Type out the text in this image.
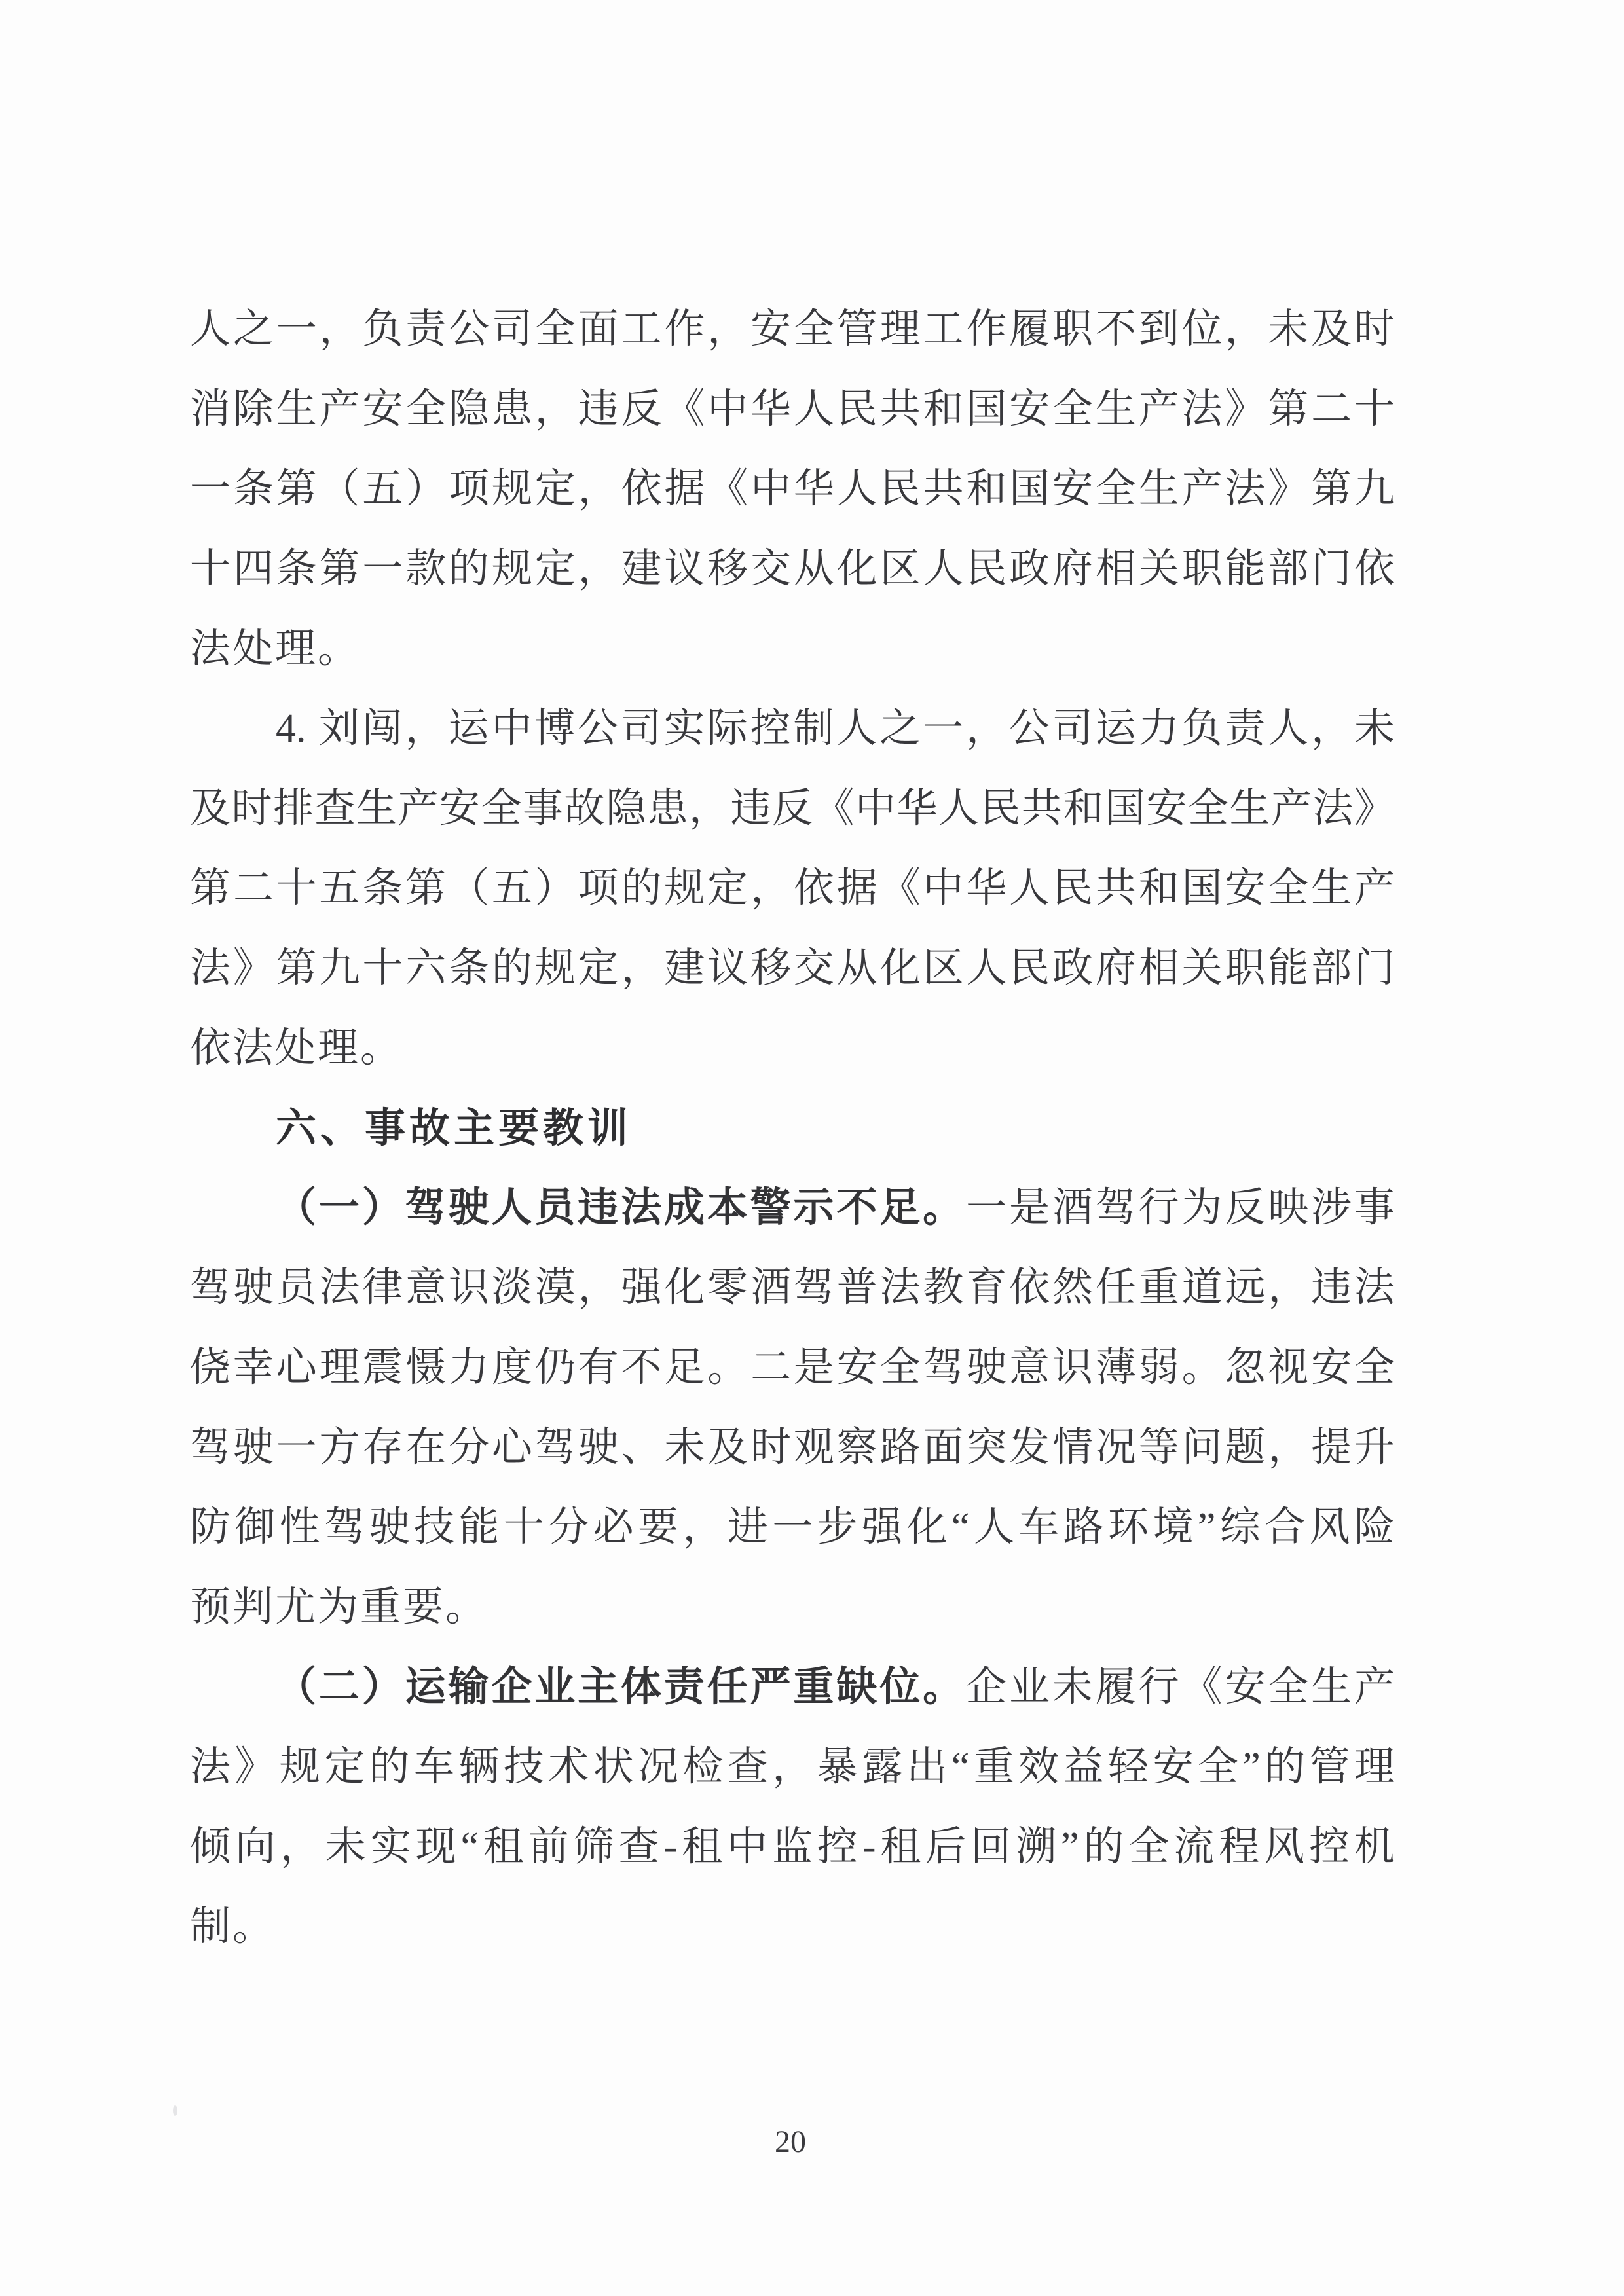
人之一，负责公司全面工作，安全管理工作履职不到位，未及时
消除生产安全隐患，违反《中华人民共和国安全生产法》第二十
一条第（五）项规定，依据《中华人民共和国安全生产法》第九
十四条第一款的规定，建议移交从化区人民政府相关职能部门依
法处理。
4. 刘闯，运中博公司实际控制人之一，公司运力负责人，未
及时排查生产安全事故隐患，违反《中华人民共和国安全生产法》
第二十五条第（五）项的规定，依据《中华人民共和国安全生产
法》第九十六条的规定，建议移交从化区人民政府相关职能部门
依法处理。
六、事故主要教训
（一）驾驶人员违法成本警示不足。一是酒驾行为反映涉事
驾驶员法律意识淡漠，强化零酒驾普法教育依然任重道远，违法
侥幸心理震慑力度仍有不足。二是安全驾驶意识薄弱。忽视安全
驾驶一方存在分心驾驶、未及时观察路面突发情况等问题，提升
防御性驾驶技能十分必要，进一步强化“人车路环境”综合风险
预判尤为重要。
（二）运输企业主体责任严重缺位。企业未履行《安全生产
法》规定的车辆技术状况检查，暴露出“重效益轻安全”的管理
倾向，未实现“租前筛查-租中监控-租后回溯”的全流程风控机
制。
20
